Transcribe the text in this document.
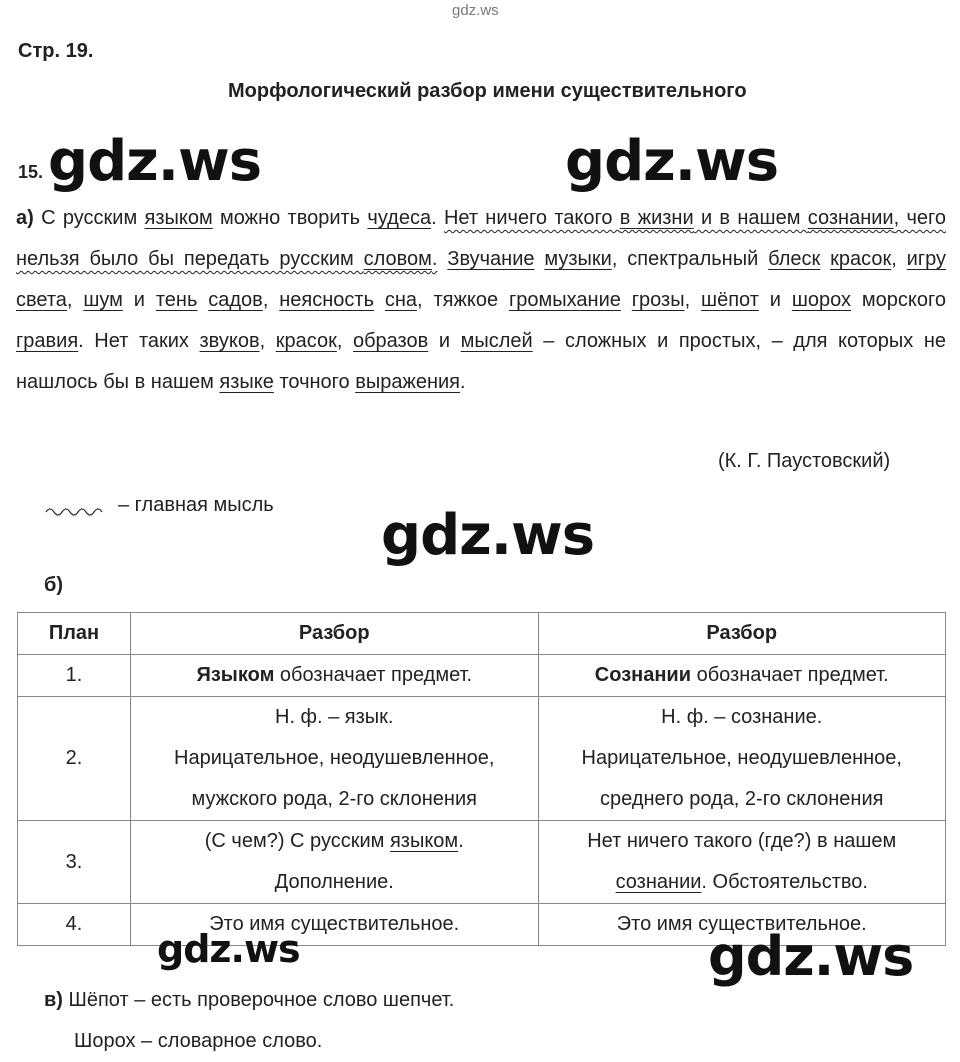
gdz.ws
Стр. 19.
Морфологический разбор имени существительного
15. gdz.ws	gdz.ws
а) С русским языком можно творить чудеса. Нет ничего такого в жизни и в нашем сознании, чего нельзя было бы передать русским словом. Звучание музыки, спектральный блеск красок, игру света, шум и тень садов, неясность сна, тяжкое громыхание грозы, шёпот и шорох морского гравия. Нет таких звуков, красок, образов и мыслей – сложных и простых, – для которых не нашлось бы в нашем языке точного выражения.
(К. Г. Паустовский)
– главная мысль gdz.ws
б)
План	Разбор	Разбор
1.	Языком обозначает предмет.	Сознании обозначает предмет.
2.	Н. ф. – язык.
Нарицательное, неодушевленное,
мужского рода, 2-го склонения	Н. ф. – сознание.
Нарицательное, неодушевленное,
среднего рода, 2-го склонения

3.	(С чем?) С русским языком.
Дополнение.	Нет ничего такого (где?) в нашем
сознании. Обстоятельство.

4.	Это имя существительное.	Это имя существительное.
в) Шёпот – есть проверочное слово шепчет.
Шорох – словарное слово.
gdz.ws	gdz.ws
